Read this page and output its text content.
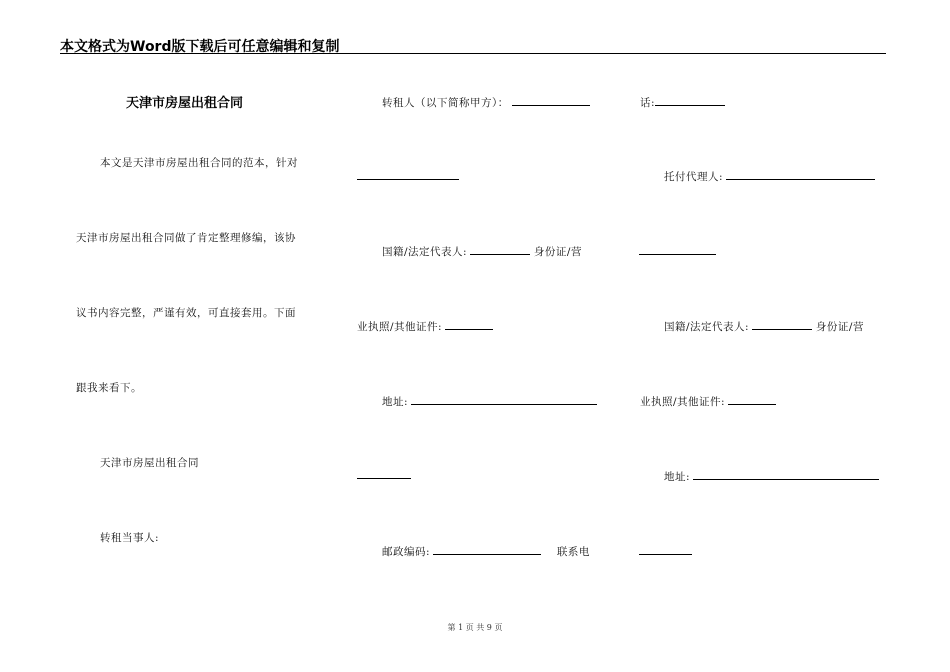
本文格式为Word版下载后可任意编辑和复制
天津市房屋出租合同
本文是天津市房屋出租合同的范本，针对
天津市房屋出租合同做了肯定整理修编，该协
议书内容完整，严谨有效，可直接套用。下面
跟我来看下。
天津市房屋出租合同
转租当事人:
转租人（以下简称甲方）：
国籍/法定代表人:	身份证/营
业执照/其他证件:
地址:
邮政编码:	联系电
话:
托付代理人:
国籍/法定代表人:	身份证/营
业执照/其他证件:
地址:
第 1 页 共 9 页
